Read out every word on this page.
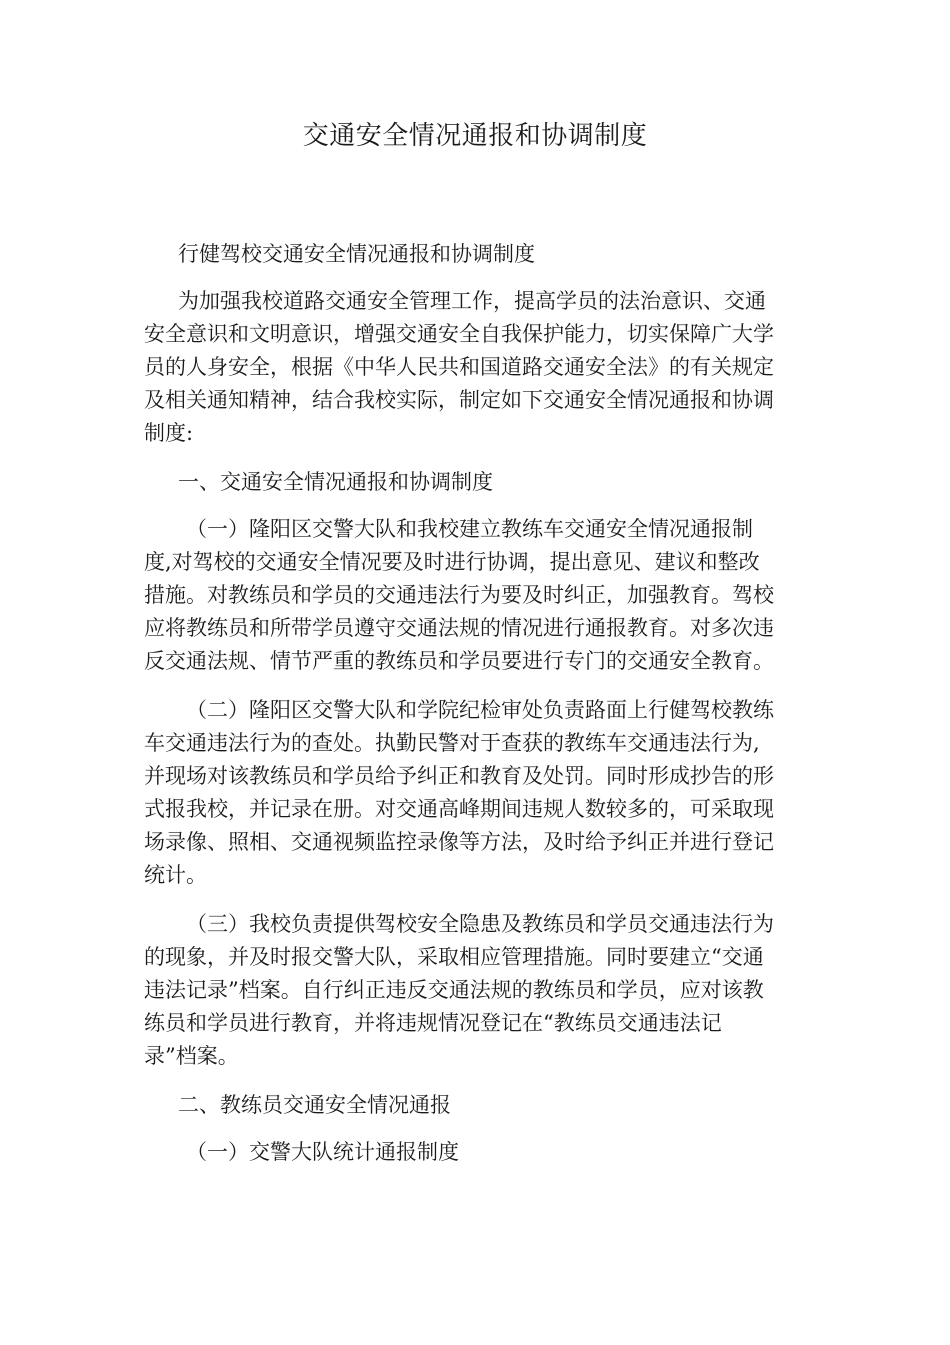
交通安全情况通报和协调制度

行健驾校交通安全情况通报和协调制度

为加强我校道路交通安全管理工作，提高学员的法治意识、交通安全意识和文明意识，增强交通安全自我保护能力，切实保障广大学员的人身安全，根据《中华人民共和国道路交通安全法》的有关规定及相关通知精神，结合我校实际，制定如下交通安全情况通报和协调制度:

一、交通安全情况通报和协调制度

（一）隆阳区交警大队和我校建立教练车交通安全情况通报制度,对驾校的交通安全情况要及时进行协调，提出意见、建议和整改措施。对教练员和学员的交通违法行为要及时纠正，加强教育。驾校应将教练员和所带学员遵守交通法规的情况进行通报教育。对多次违反交通法规、情节严重的教练员和学员要进行专门的交通安全教育。

（二）隆阳区交警大队和学院纪检审处负责路面上行健驾校教练车交通违法行为的查处。执勤民警对于查获的教练车交通违法行为,并现场对该教练员和学员给予纠正和教育及处罚。同时形成抄告的形式报我校，并记录在册。对交通高峰期间违规人数较多的，可采取现场录像、照相、交通视频监控录像等方法，及时给予纠正并进行登记统计。

（三）我校负责提供驾校安全隐患及教练员和学员交通违法行为的现象，并及时报交警大队，采取相应管理措施。同时要建立“交通违法记录”档案。自行纠正违反交通法规的教练员和学员，应对该教练员和学员进行教育，并将违规情况登记在“教练员交通违法记录”档案。

二、教练员交通安全情况通报

（一）交警大队统计通报制度
